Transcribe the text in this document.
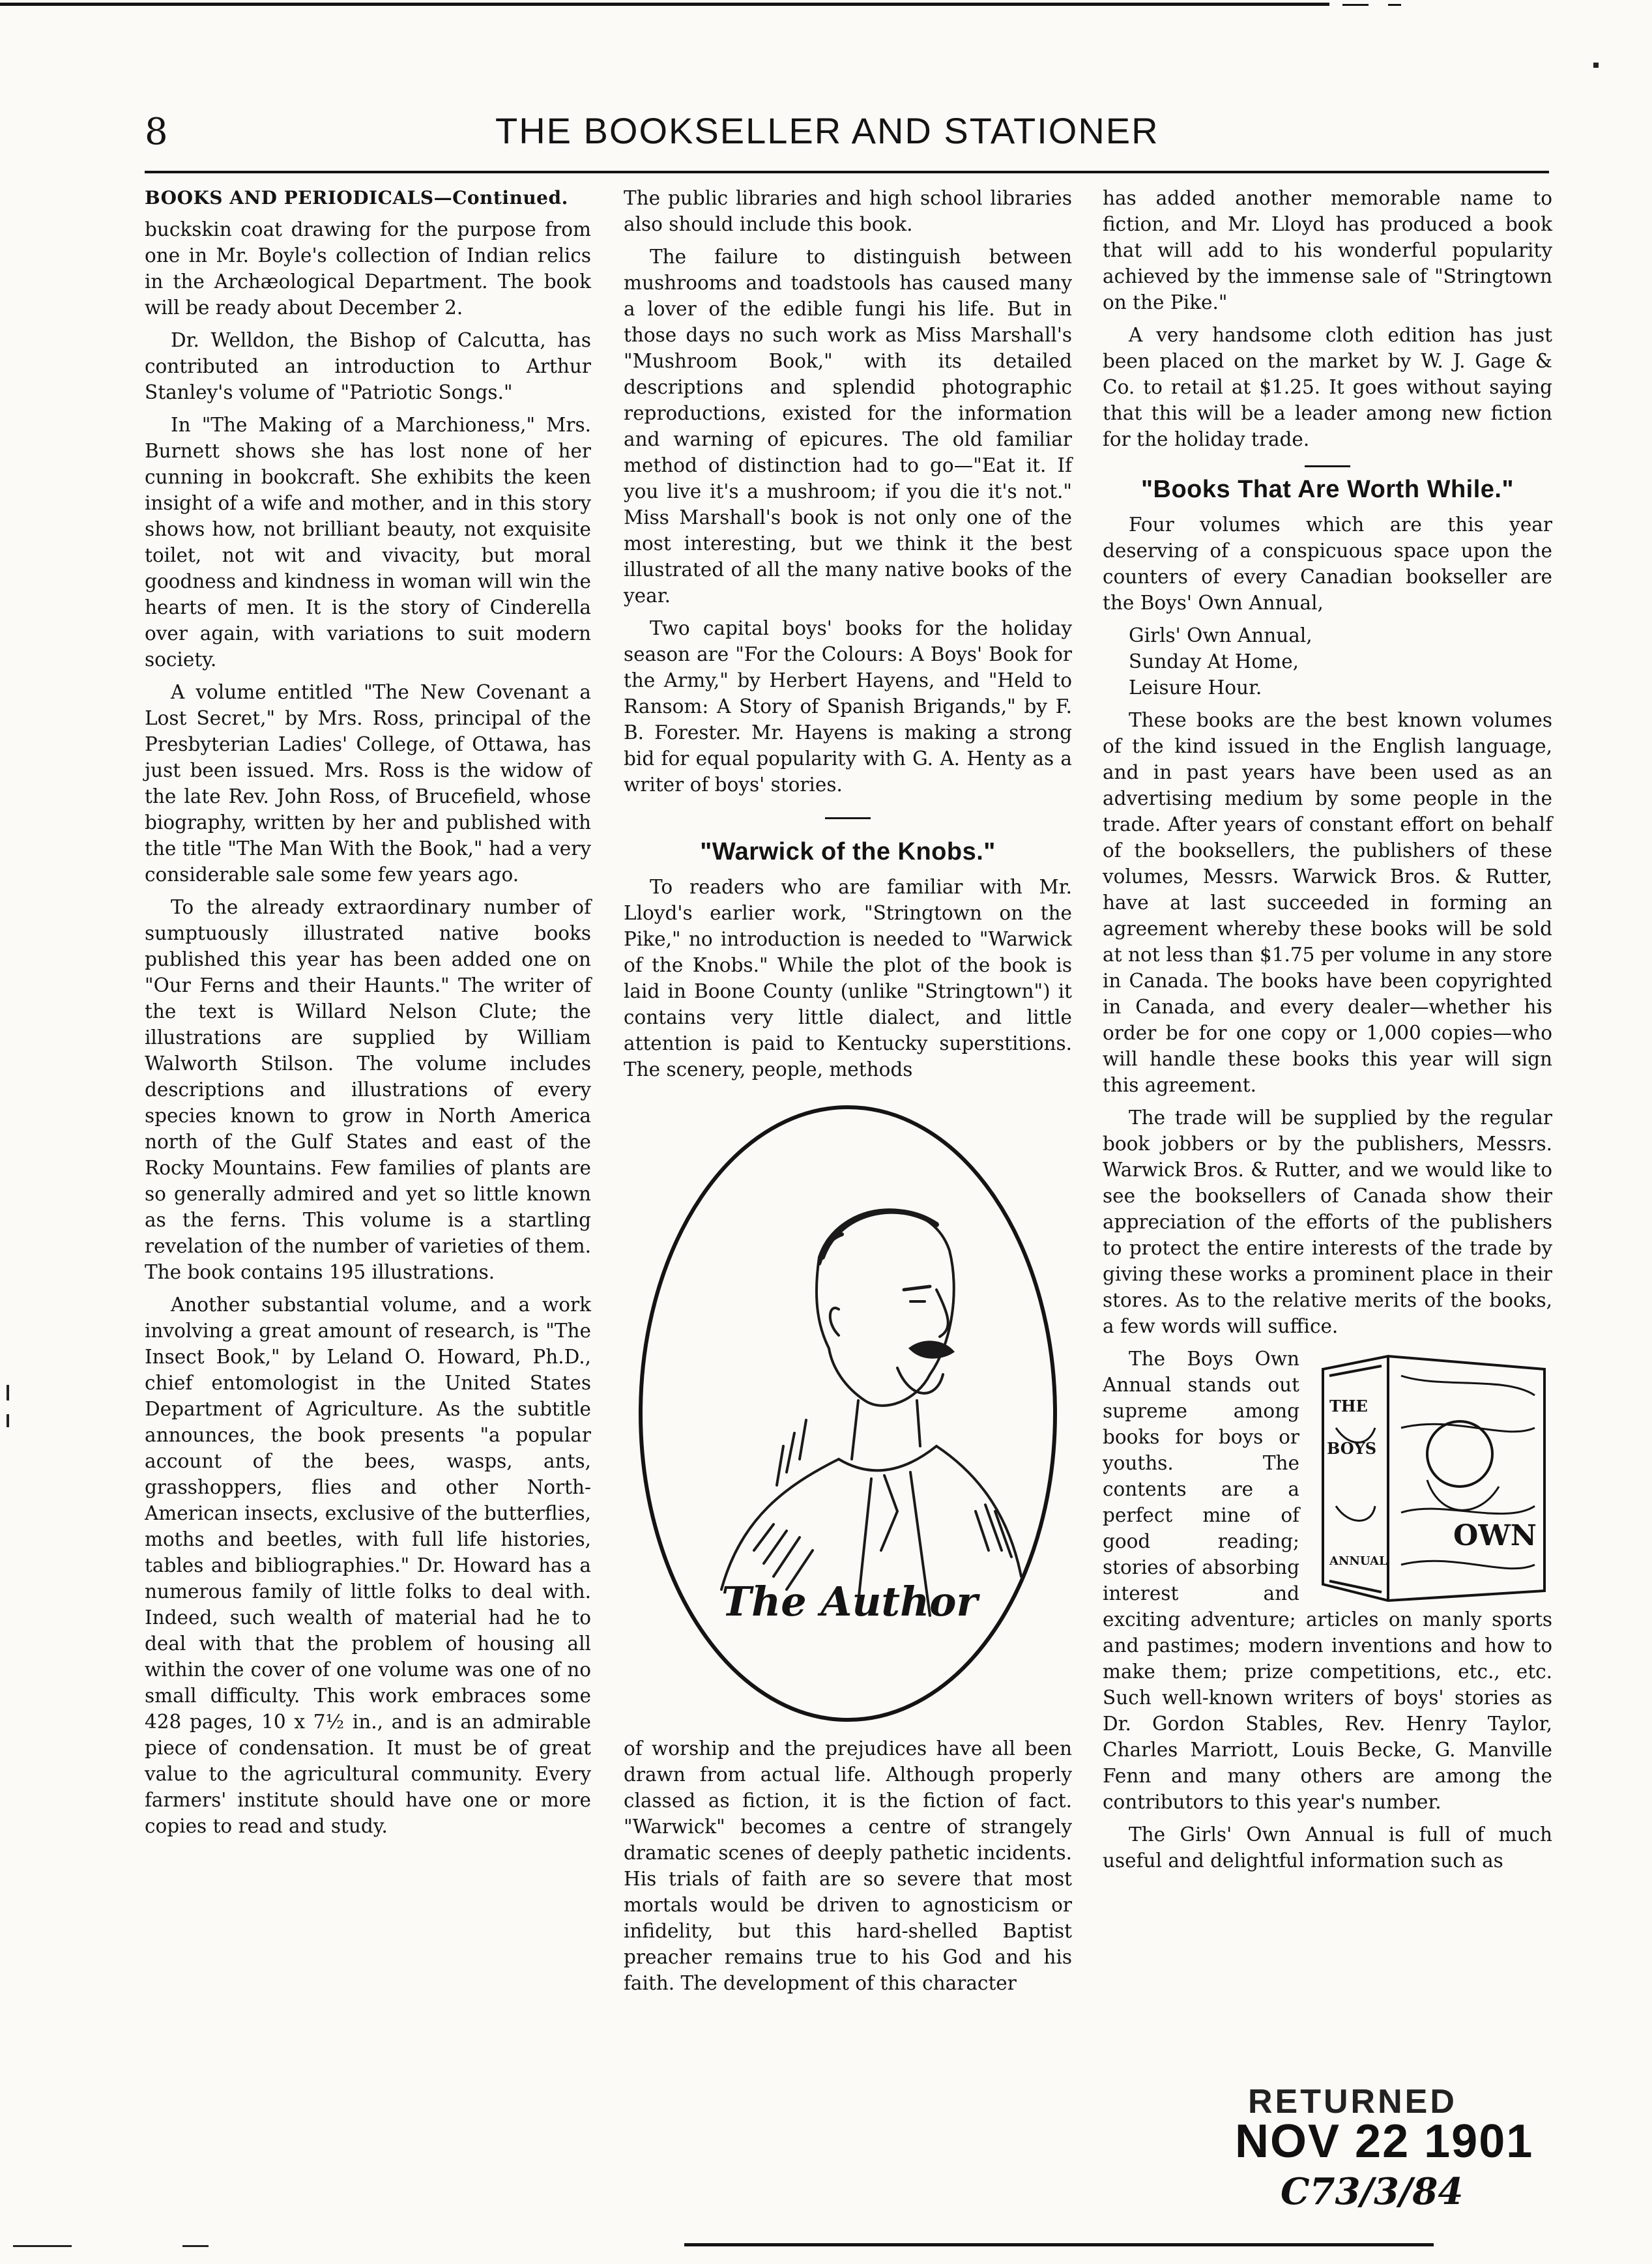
8	THE BOOKSELLER AND STATIONER
BOOKS AND PERIODICALS—Continued.

buckskin coat drawing for the purpose from one in Mr. Boyle's collection of Indian relics in the Archæological Department. The book will be ready about December 2.

Dr. Welldon, the Bishop of Calcutta, has contributed an introduction to Arthur Stanley's volume of "Patriotic Songs."

In "The Making of a Marchioness," Mrs. Burnett shows she has lost none of her cunning in bookcraft. She exhibits the keen insight of a wife and mother, and in this story shows how, not brilliant beauty, not exquisite toilet, not wit and vivacity, but moral goodness and kindness in woman will win the hearts of men. It is the story of Cinderella over again, with variations to suit modern society.

A volume entitled "The New Covenant a Lost Secret," by Mrs. Ross, principal of the Presbyterian Ladies' College, of Ottawa, has just been issued. Mrs. Ross is the widow of the late Rev. John Ross, of Brucefield, whose biography, written by her and published with the title "The Man With the Book," had a very considerable sale some few years ago.

To the already extraordinary number of sumptuously illustrated native books published this year has been added one on "Our Ferns and their Haunts." The writer of the text is Willard Nelson Clute; the illustrations are supplied by William Walworth Stilson. The volume includes descriptions and illustrations of every species known to grow in North America north of the Gulf States and east of the Rocky Mountains. Few families of plants are so generally admired and yet so little known as the ferns. This volume is a startling revelation of the number of varieties of them. The book contains 195 illustrations.

Another substantial volume, and a work involving a great amount of research, is "The Insect Book," by Leland O. Howard, Ph.D., chief entomologist in the United States Department of Agriculture. As the subtitle announces, the book presents "a popular account of the bees, wasps, ants, grasshoppers, flies and other North-American insects, exclusive of the butterflies, moths and beetles, with full life histories, tables and bibliographies." Dr. Howard has a numerous family of little folks to deal with. Indeed, such wealth of material had he to deal with that the problem of housing all within the cover of one volume was one of no small difficulty. This work embraces some 428 pages, 10 x 7½ in., and is an admirable piece of condensation. It must be of great value to the agricultural community. Every farmers' institute should have one or more copies to read and study.

The public libraries and high school libraries also should include this book.

The failure to distinguish between mushrooms and toadstools has caused many a lover of the edible fungi his life. But in those days no such work as Miss Marshall's "Mushroom Book," with its detailed descriptions and splendid photographic reproductions, existed for the information and warning of epicures. The old familiar method of distinction had to go—"Eat it. If you live it's a mushroom; if you die it's not." Miss Marshall's book is not only one of the most interesting, but we think it the best illustrated of all the many native books of the year.

Two capital boys' books for the holiday season are "For the Colours: A Boys' Book for the Army," by Herbert Hayens, and "Held to Ransom: A Story of Spanish Brigands," by F. B. Forester. Mr. Hayens is making a strong bid for equal popularity with G. A. Henty as a writer of boys' stories.

"Warwick of the Knobs."

To readers who are familiar with Mr. Lloyd's earlier work, "Stringtown on the Pike," no introduction is needed to "Warwick of the Knobs." While the plot of the book is laid in Boone County (unlike "Stringtown") it contains very little dialect, and little attention is paid to Kentucky superstitions. The scenery, people, methods

The Author

of worship and the prejudices have all been drawn from actual life. Although properly classed as fiction, it is the fiction of fact. "Warwick" becomes a centre of strangely dramatic scenes of deeply pathetic incidents. His trials of faith are so severe that most mortals would be driven to agnosticism or infidelity, but this hard-shelled Baptist preacher remains true to his God and his faith. The development of this character

has added another memorable name to fiction, and Mr. Lloyd has produced a book that will add to his wonderful popularity achieved by the immense sale of "Stringtown on the Pike."

A very handsome cloth edition has just been placed on the market by W. J. Gage & Co. to retail at $1.25. It goes without saying that this will be a leader among new fiction for the holiday trade.

"Books That Are Worth While."

Four volumes which are this year deserving of a conspicuous space upon the counters of every Canadian bookseller are the Boys' Own Annual,

Girls' Own Annual,
Sunday At Home,
Leisure Hour.

These books are the best known volumes of the kind issued in the English language, and in past years have been used as an advertising medium by some people in the trade. After years of constant effort on behalf of the booksellers, the publishers of these volumes, Messrs. Warwick Bros. & Rutter, have at last succeeded in forming an agreement whereby these books will be sold at not less than $1.75 per volume in any store in Canada. The books have been copyrighted in Canada, and every dealer—whether his order be for one copy or 1,000 copies—who will handle these books this year will sign this agreement.

The trade will be supplied by the regular book jobbers or by the publishers, Messrs. Warwick Bros. & Rutter, and we would like to see the booksellers of Canada show their appreciation of the efforts of the publishers to protect the entire interests of the trade by giving these works a prominent place in their stores. As to the relative merits of the books, a few words will suffice.

THE
BOYS
OWN
ANNUAL

The Boys Own Annual stands out supreme among books for boys or youths. The contents are a perfect mine of good reading; stories of absorbing interest and exciting adventure; articles on manly sports and pastimes; modern inventions and how to make them; prize competitions, etc., etc. Such well-known writers of boys' stories as Dr. Gordon Stables, Rev. Henry Taylor, Charles Marriott, Louis Becke, G. Manville Fenn and many others are among the contributors to this year's number.

The Girls' Own Annual is full of much useful and delightful information such as

RETURNED
NOV 22 1901
C73/3/84
